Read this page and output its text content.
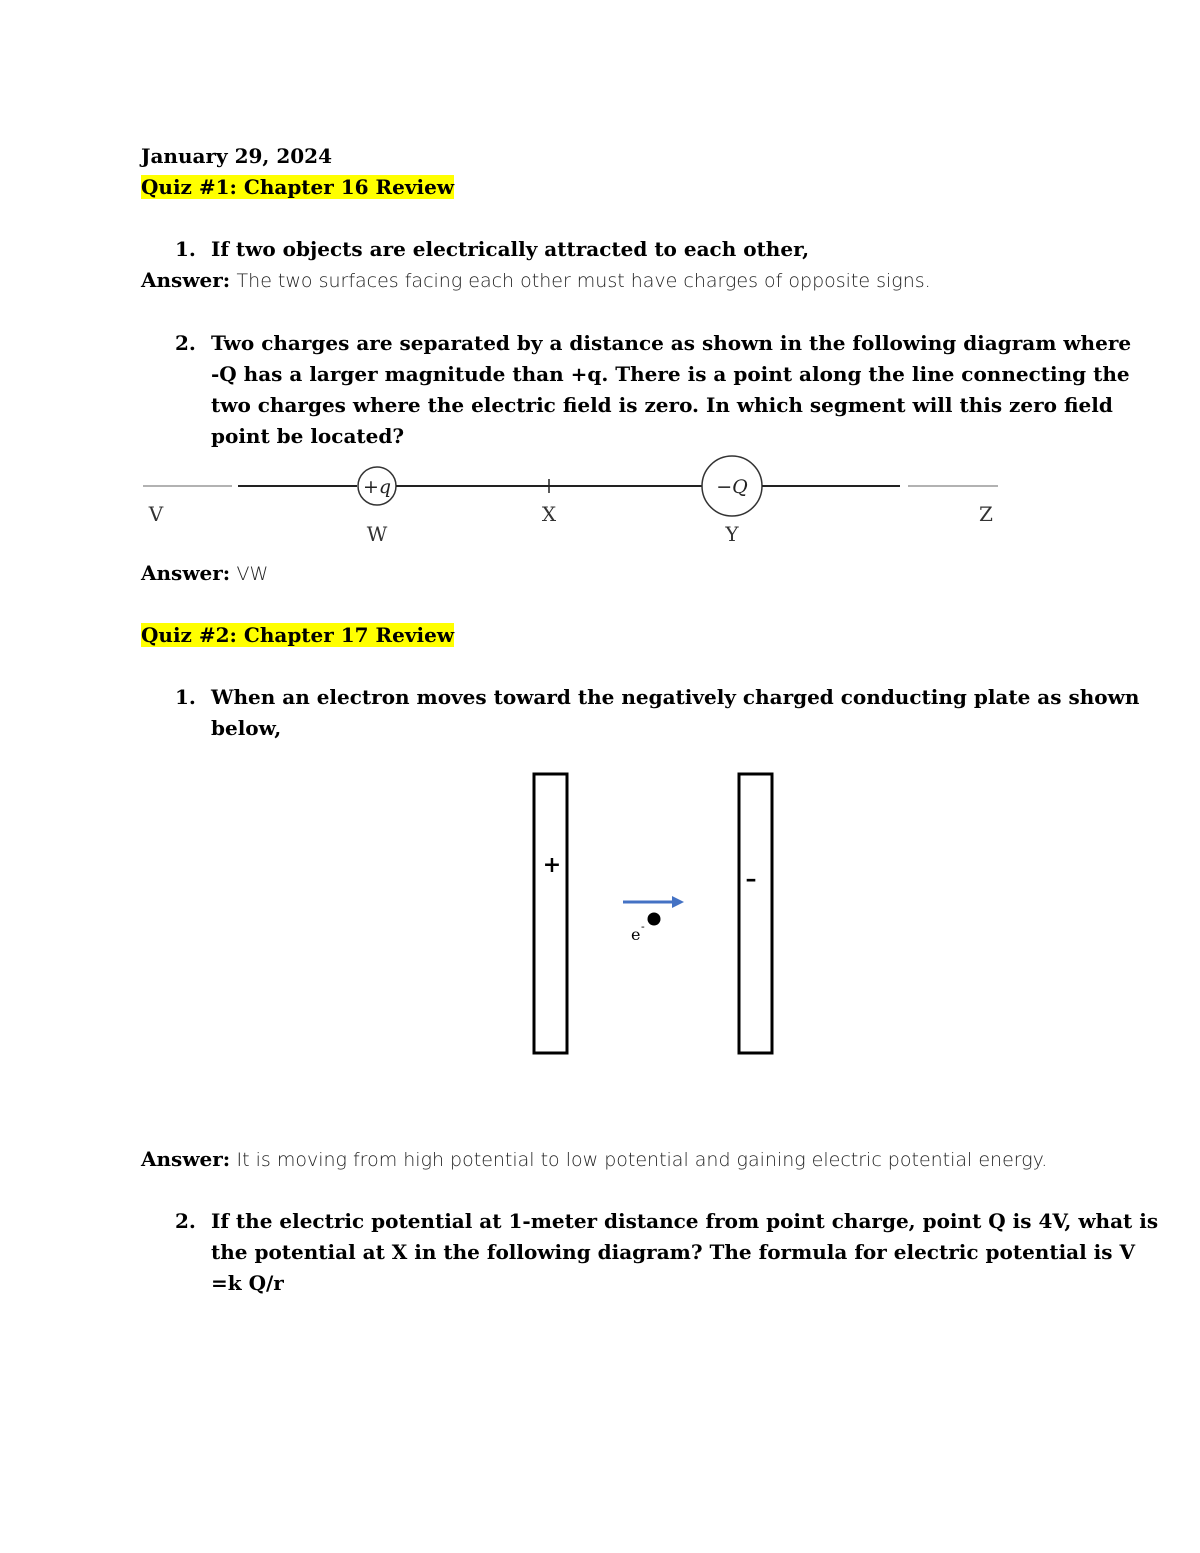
January 29, 2024
Quiz #1: Chapter 16 Review
1. If two objects are electrically attracted to each other,
Answer: The two surfaces facing each other must have charges of opposite signs.
2. Two charges are separated by a distance as shown in the following diagram where
-Q has a larger magnitude than +q. There is a point along the line connecting the
two charges where the electric field is zero. In which segment will this zero field
point be located?
+q	−Q
V
W
X
Y
Z
Answer: VW
Quiz #2: Chapter 17 Review
1. When an electron moves toward the negatively charged conducting plate as shown
below,
+
–
e -
Answer: It is moving from high potential to low potential and gaining electric potential energy.
2. If the electric potential at 1-meter distance from point charge, point Q is 4V, what is
the potential at X in the following diagram? The formula for electric potential is V
=k Q/r
